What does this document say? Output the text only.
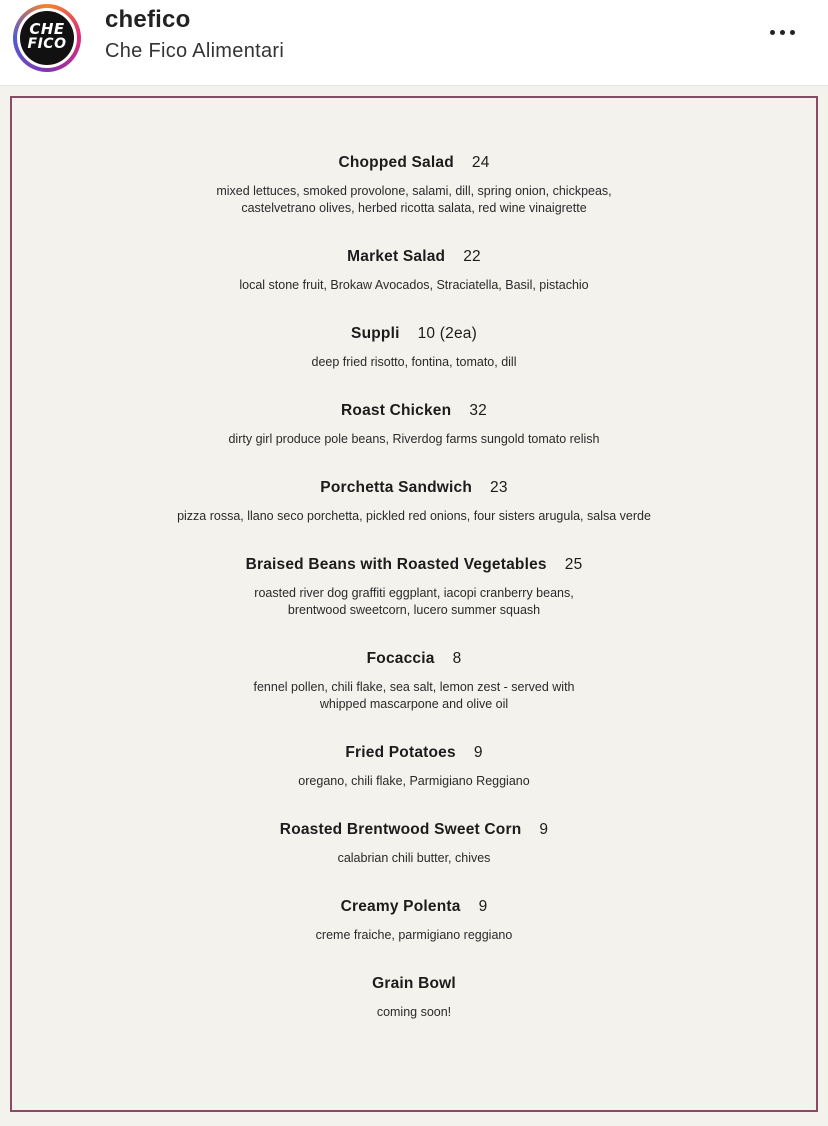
CHE
FICO
chefico
Che Fico Alimentari
Chopped Salad 24
mixed lettuces, smoked provolone, salami, dill, spring onion, chickpeas,
castelvetrano olives, herbed ricotta salata, red wine vinaigrette
Market Salad 22
local stone fruit, Brokaw Avocados, Straciatella, Basil, pistachio
Suppli 10 (2ea)
deep fried risotto, fontina, tomato, dill
Roast Chicken 32
dirty girl produce pole beans, Riverdog farms sungold tomato relish
Porchetta Sandwich 23
pizza rossa, llano seco porchetta, pickled red onions, four sisters arugula, salsa verde
Braised Beans with Roasted Vegetables 25
roasted river dog graffiti eggplant, iacopi cranberry beans,
brentwood sweetcorn, lucero summer squash
Focaccia 8
fennel pollen, chili flake, sea salt, lemon zest - served with
whipped mascarpone and olive oil
Fried Potatoes 9
oregano, chili flake, Parmigiano Reggiano
Roasted Brentwood Sweet Corn 9
calabrian chili butter, chives
Creamy Polenta 9
creme fraiche, parmigiano reggiano
Grain Bowl
coming soon!
